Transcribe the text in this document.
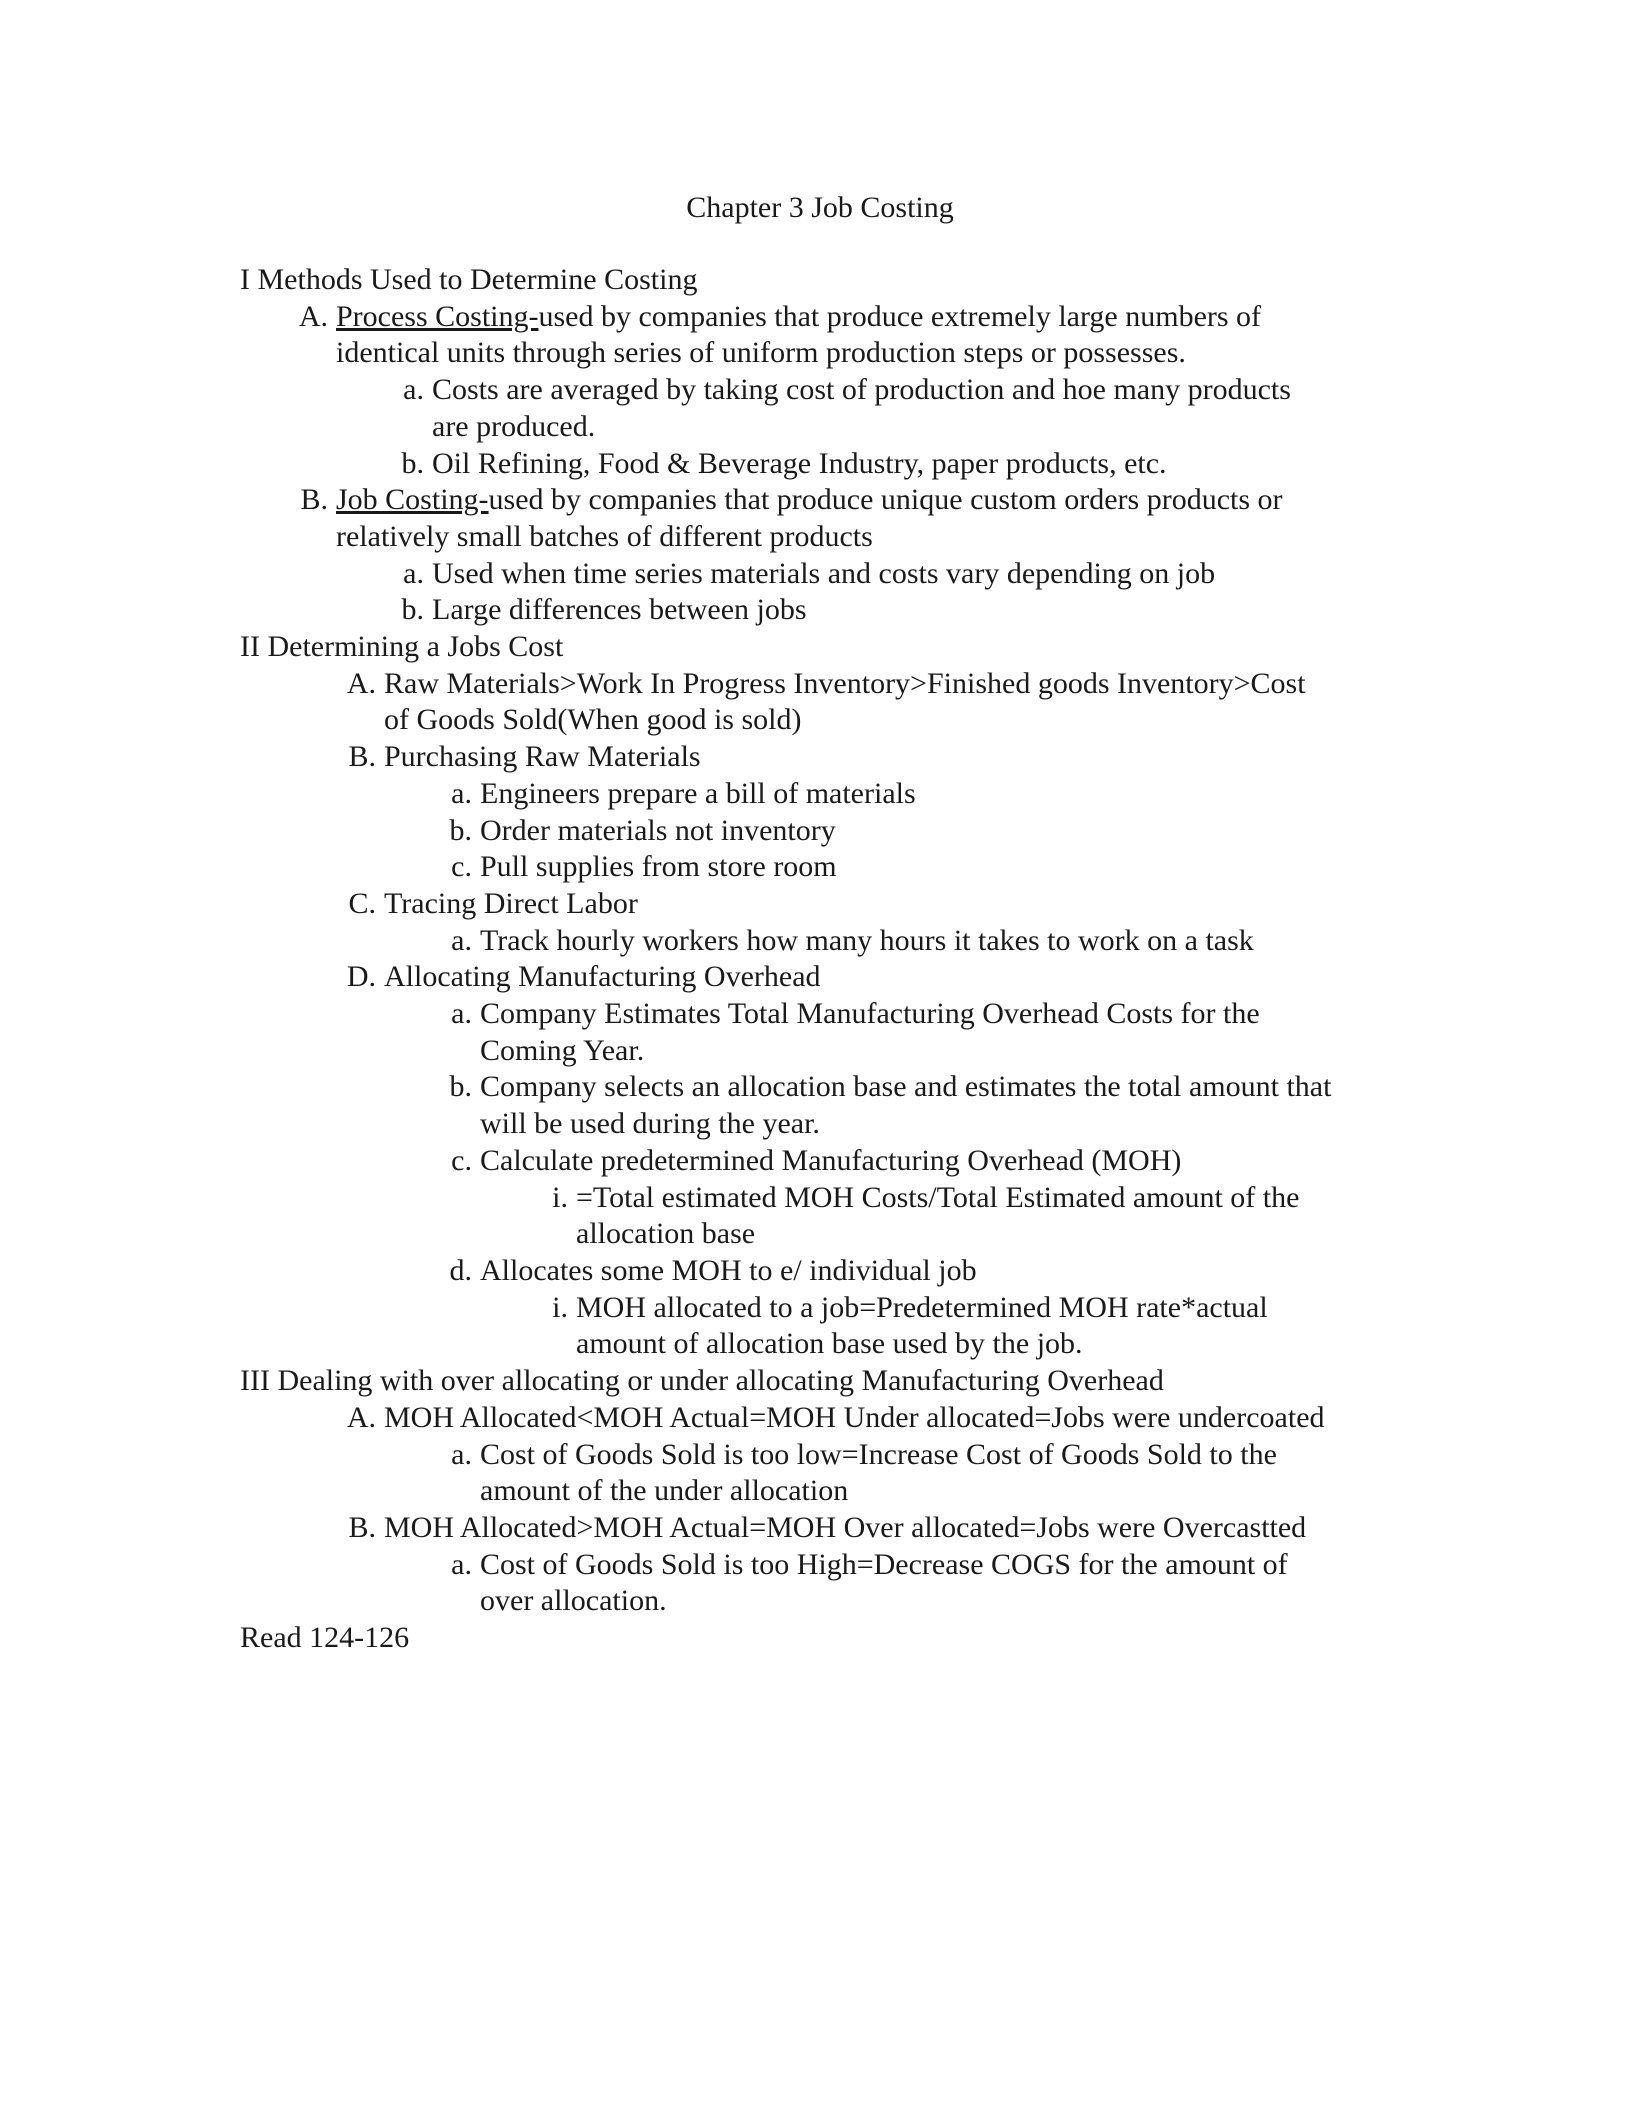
Chapter 3 Job Costing
I Methods Used to Determine Costing
A. Process Costing-used by companies that produce extremely large numbers of
identical units through series of uniform production steps or possesses.
a. Costs are averaged by taking cost of production and hoe many products
are produced.
b. Oil Refining, Food & Beverage Industry, paper products, etc.
B. Job Costing-used by companies that produce unique custom orders products or
relatively small batches of different products
a. Used when time series materials and costs vary depending on job
b. Large differences between jobs
II Determining a Jobs Cost
A. Raw Materials>Work In Progress Inventory>Finished goods Inventory>Cost
of Goods Sold(When good is sold)
B. Purchasing Raw Materials
a. Engineers prepare a bill of materials
b. Order materials not inventory
c. Pull supplies from store room
C. Tracing Direct Labor
a. Track hourly workers how many hours it takes to work on a task
D. Allocating Manufacturing Overhead
a. Company Estimates Total Manufacturing Overhead Costs for the
Coming Year.
b. Company selects an allocation base and estimates the total amount that
will be used during the year.
c. Calculate predetermined Manufacturing Overhead (MOH)
i. =Total estimated MOH Costs/Total Estimated amount of the
allocation base
d. Allocates some MOH to e/ individual job
i. MOH allocated to a job=Predetermined MOH rate*actual
amount of allocation base used by the job.
III Dealing with over allocating or under allocating Manufacturing Overhead
A. MOH Allocated<MOH Actual=MOH Under allocated=Jobs were undercoated
a. Cost of Goods Sold is too low=Increase Cost of Goods Sold to the
amount of the under allocation
B. MOH Allocated>MOH Actual=MOH Over allocated=Jobs were Overcastted
a. Cost of Goods Sold is too High=Decrease COGS for the amount of
over allocation.
Read 124-126
